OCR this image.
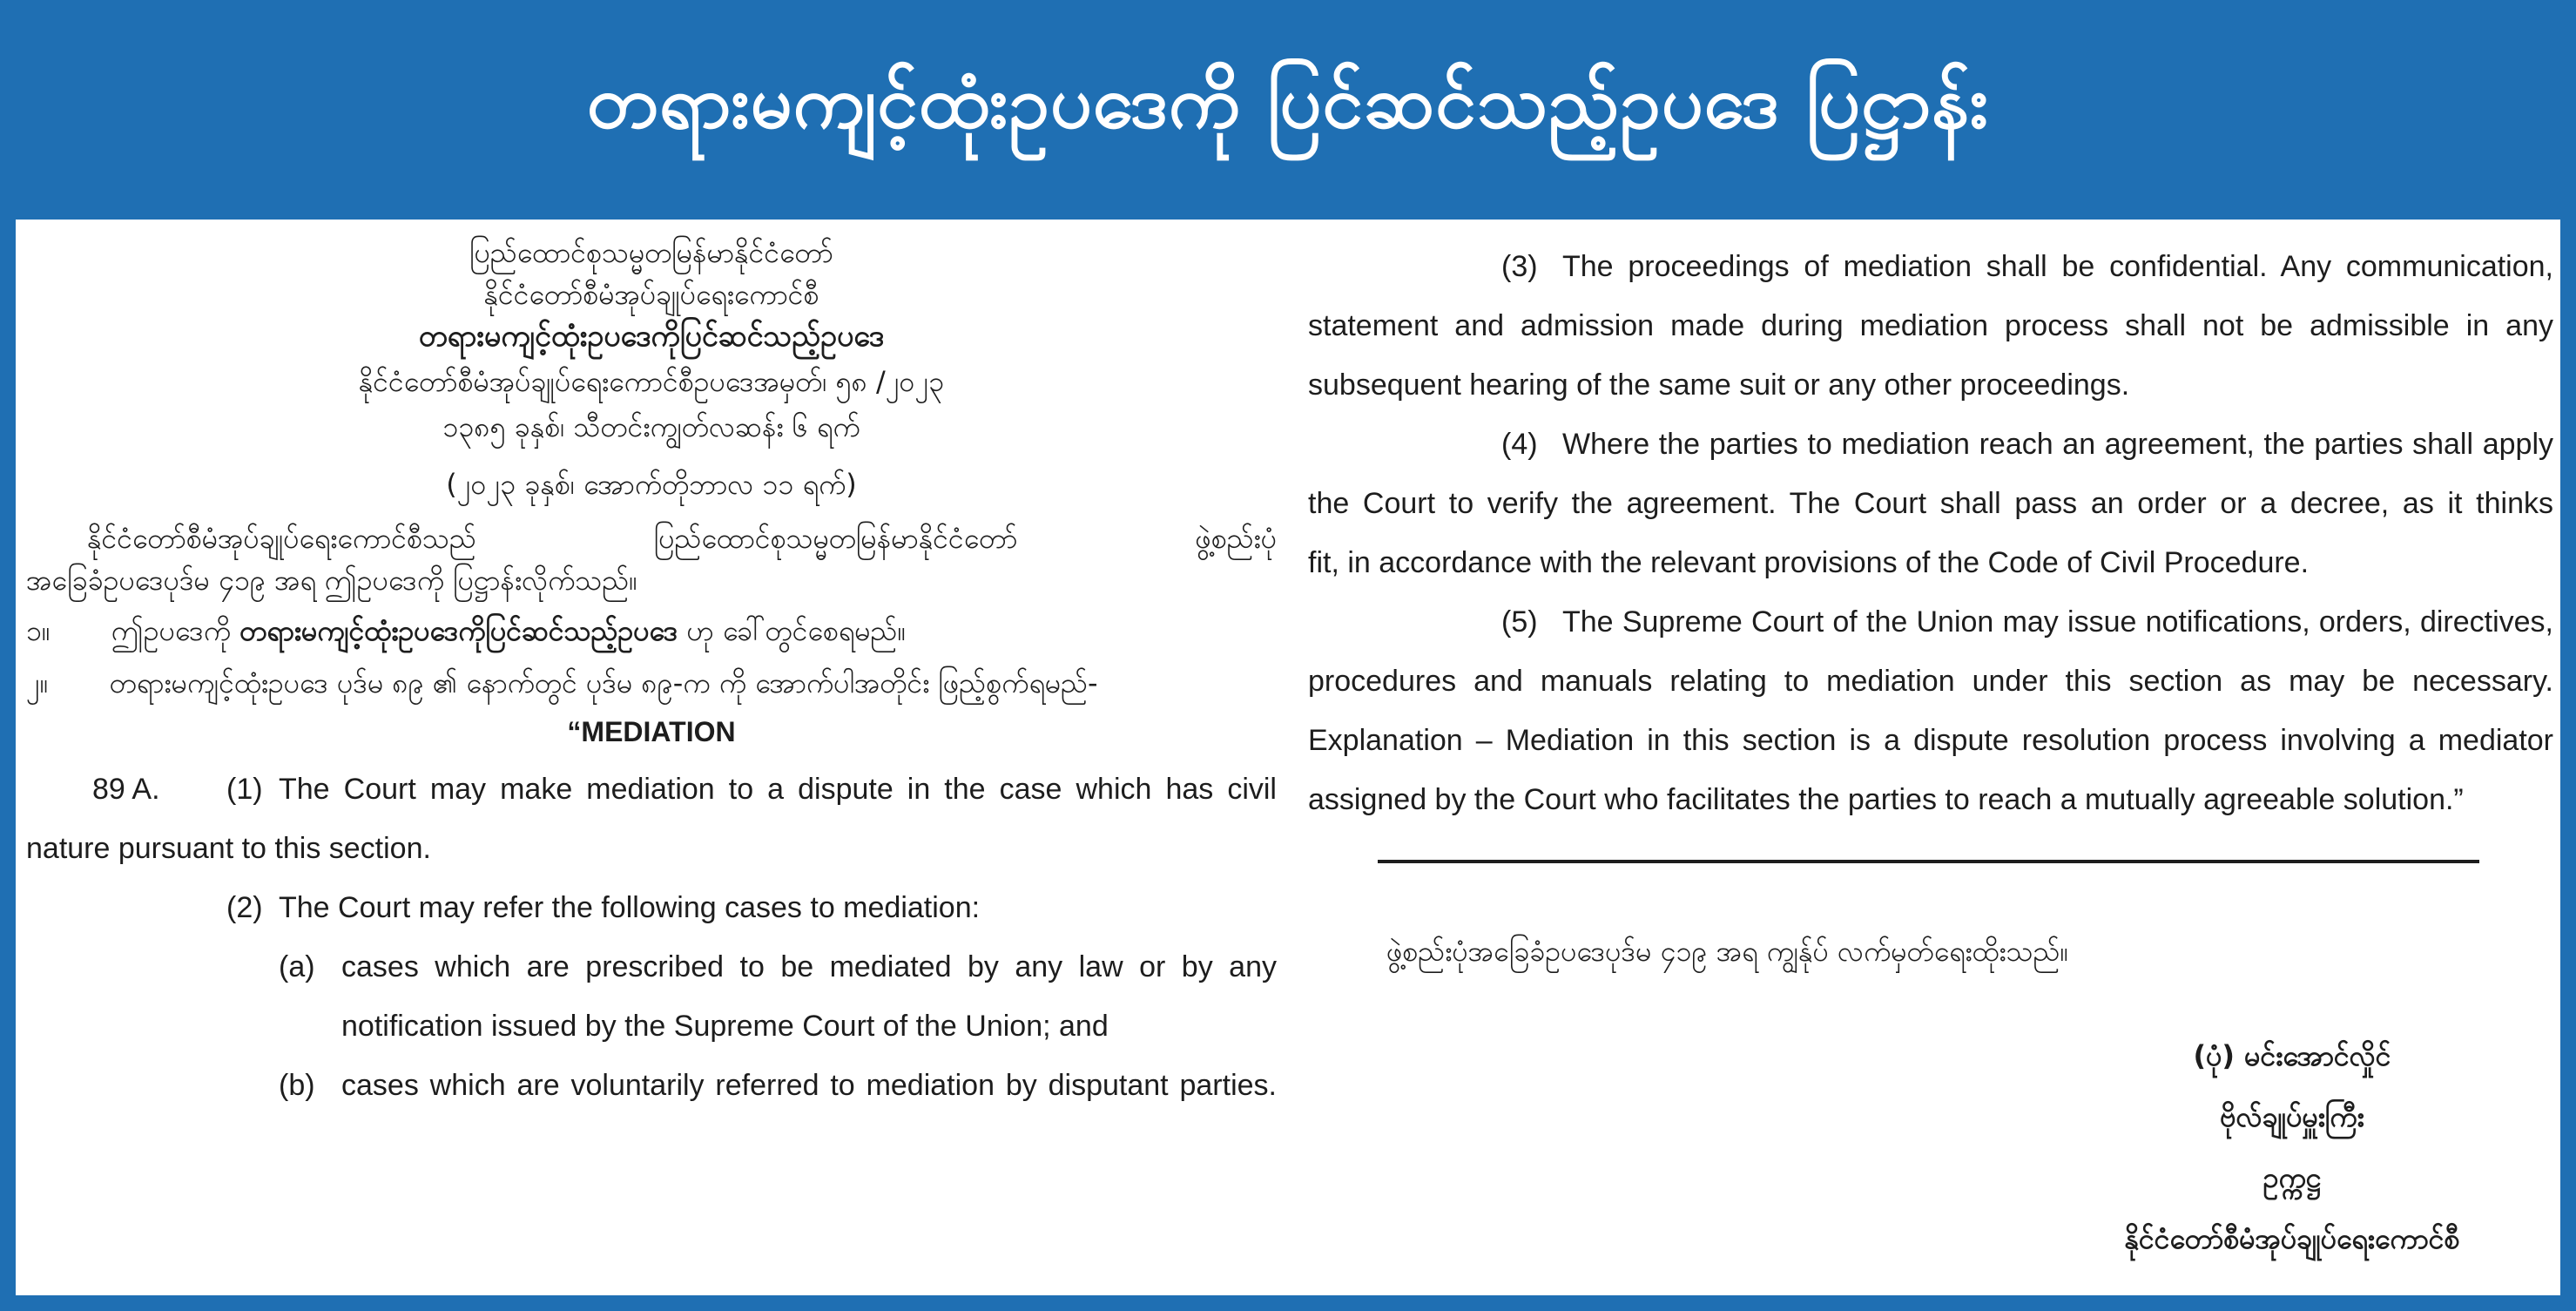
တရားမကျင့်ထုံးဥပဒေကို ပြင်ဆင်သည့်ဥပဒေ ပြဋ္ဌာန်း
ပြည်ထောင်စုသမ္မတမြန်မာနိုင်ငံတော်
နိုင်ငံတော်စီမံအုပ်ချုပ်ရေးကောင်စီ
တရားမကျင့်ထုံးဥပဒေကိုပြင်ဆင်သည့်ဥပဒေ
နိုင်ငံတော်စီမံအုပ်ချုပ်ရေးကောင်စီဥပဒေအမှတ်၊ ၅၈ /၂၀၂၃
၁၃၈၅ ခုနှစ်၊ သီတင်းကျွတ်လဆန်း ၆ ရက်
(၂၀၂၃ ခုနှစ်၊ အောက်တိုဘာလ ၁၁ ရက်)
နိုင်ငံတော်စီမံအုပ်ချုပ်ရေးကောင်စီသည် ပြည်ထောင်စုသမ္မတမြန်မာနိုင်ငံတော် ဖွဲ့စည်းပုံ
အခြေခံဥပဒေပုဒ်မ ၄၁၉ အရ ဤဥပဒေကို ပြဋ္ဌာန်းလိုက်သည်။
၁။ ဤဥပဒေကို တရားမကျင့်ထုံးဥပဒေကိုပြင်ဆင်သည့်ဥပဒေ ဟု ခေါ်တွင်စေရမည်။
၂။ တရားမကျင့်ထုံးဥပဒေ ပုဒ်မ ၈၉ ၏ နောက်တွင် ပုဒ်မ ၈၉-က ကို အောက်ပါအတိုင်း ဖြည့်စွက်ရမည်-
“MEDIATION
89 A. (1) The Court may make mediation to a dispute in the case which has civil
nature pursuant to this section.
(2) The Court may refer the following cases to mediation:
(a) cases which are prescribed to be mediated by any law or by any
notification issued by the Supreme Court of the Union; and
(b) cases which are voluntarily referred to mediation by disputant parties.
(3) The proceedings of mediation shall be confidential. Any communication,
statement and admission made during mediation process shall not be admissible in any
subsequent hearing of the same suit or any other proceedings.
(4) Where the parties to mediation reach an agreement, the parties shall apply
the Court to verify the agreement. The Court shall pass an order or a decree, as it thinks
fit, in accordance with the relevant provisions of the Code of Civil Procedure.
(5) The Supreme Court of the Union may issue notifications, orders, directives,
procedures and manuals relating to mediation under this section as may be necessary.
Explanation – Mediation in this section is a dispute resolution process involving a mediator
assigned by the Court who facilitates the parties to reach a mutually agreeable solution.”
ဖွဲ့စည်းပုံအခြေခံဥပဒေပုဒ်မ ၄၁၉ အရ ကျွန်ုပ် လက်မှတ်ရေးထိုးသည်။
(ပုံ) မင်းအောင်လှိုင်
ဗိုလ်ချုပ်မှူးကြီး
ဥက္ကဋ္ဌ
နိုင်ငံတော်စီမံအုပ်ချုပ်ရေးကောင်စီ
